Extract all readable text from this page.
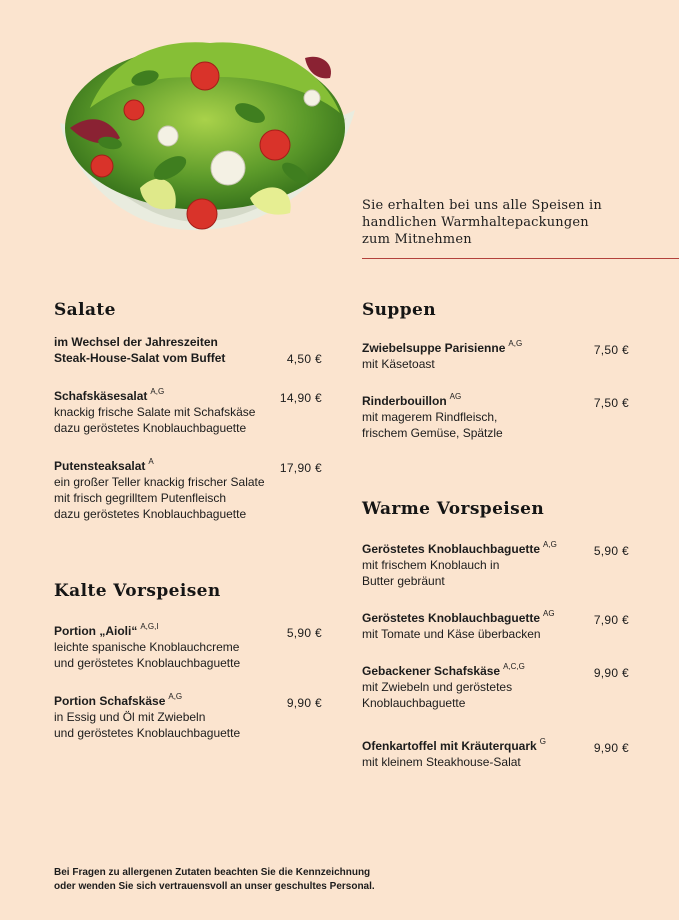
Sie erhalten bei uns alle Speisen in
handlichen Warmhaltepackungen
zum Mitnehmen
Salate
im Wechsel der Jahreszeiten
Steak-House-Salat vom Buffet	4,50 €
Schafskäsesalat $^{A,G}$
knackig frische Salate mit Schafskäse
dazu geröstetes Knoblauchbaguette
14,90 €
Putensteaksalat $^A$
ein großer Teller knackig frischer Salate
mit frisch gegrilltem Putenfleisch
dazu geröstetes Knoblauchbaguette
17,90 €
Kalte Vorspeisen
Portion „Aioli“ $^{A,G,I}$
leichte spanische Knoblauchcreme
und geröstetes Knoblauchbaguette
5,90 €
Portion Schafskäse $^{A,G}$
in Essig und Öl mit Zwiebeln
und geröstetes Knoblauchbaguette
9,90 €
Suppen
Zwiebelsuppe Parisienne $^{A,G}$
mit Käsetoast
7,50 €
Rinderbouillon $^{AG}$
mit magerem Rindfleisch,
frischem Gemüse, Spätzle
7,50 €
Warme Vorspeisen
Geröstetes Knoblauchbaguette $^{A,G}$
mit frischem Knoblauch in
Butter gebräunt
5,90 €
Geröstetes Knoblauchbaguette $^{AG}$
mit Tomate und Käse überbacken
7,90 €
Gebackener Schafskäse $^{A,C,G}$
mit Zwiebeln und geröstetes
Knoblauchbaguette
9,90 €
Ofenkartoffel mit Kräuterquark $^G$
mit kleinem Steakhouse-Salat
9,90 €
Bei Fragen zu allergenen Zutaten beachten Sie die Kennzeichnung
oder wenden Sie sich vertrauensvoll an unser geschultes Personal.
